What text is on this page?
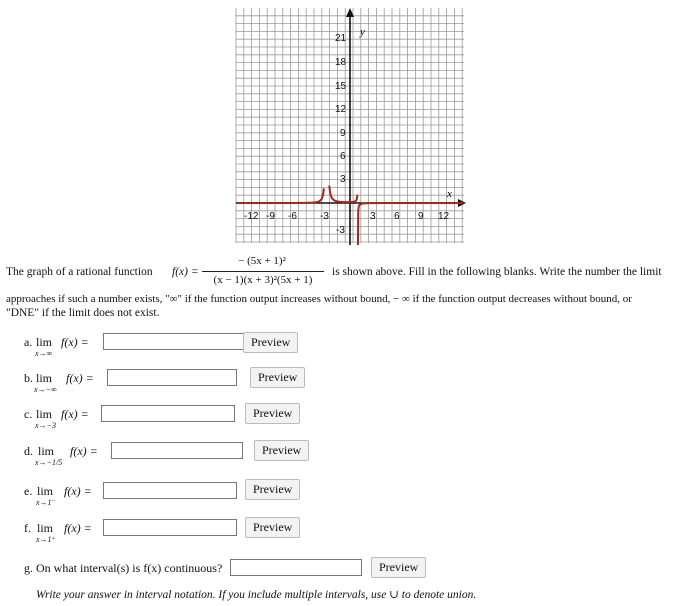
y
x
-12 -9 -6 -3	3 6 9 12
21
18
15
12
9
6
3
-3
The graph of a rational function f(x) =
− (5x + 1)²
(x − 1)(x + 3)²(5x + 1)
is shown above. Fill in the following blanks. Write the number the limit
approaches if such a number exists, "∞" if the function output increases without bound, − ∞ if the function output decreases without bound, or
"DNE" if the limit does not exist.
a. lim
x→∞
f(x) =	Preview
b. lim
x→−∞
f(x) =	Preview
c. lim
x→−3
f(x) =	Preview
d. lim
x→−1/5
f(x) =	Preview
e. lim
x→1⁻
f(x) =	Preview
f. lim
x→1⁺
f(x) =	Preview
g. On what interval(s) is f(x) continuous?	Preview
Write your answer in interval notation. If you include multiple intervals, use ∪ to denote union.
